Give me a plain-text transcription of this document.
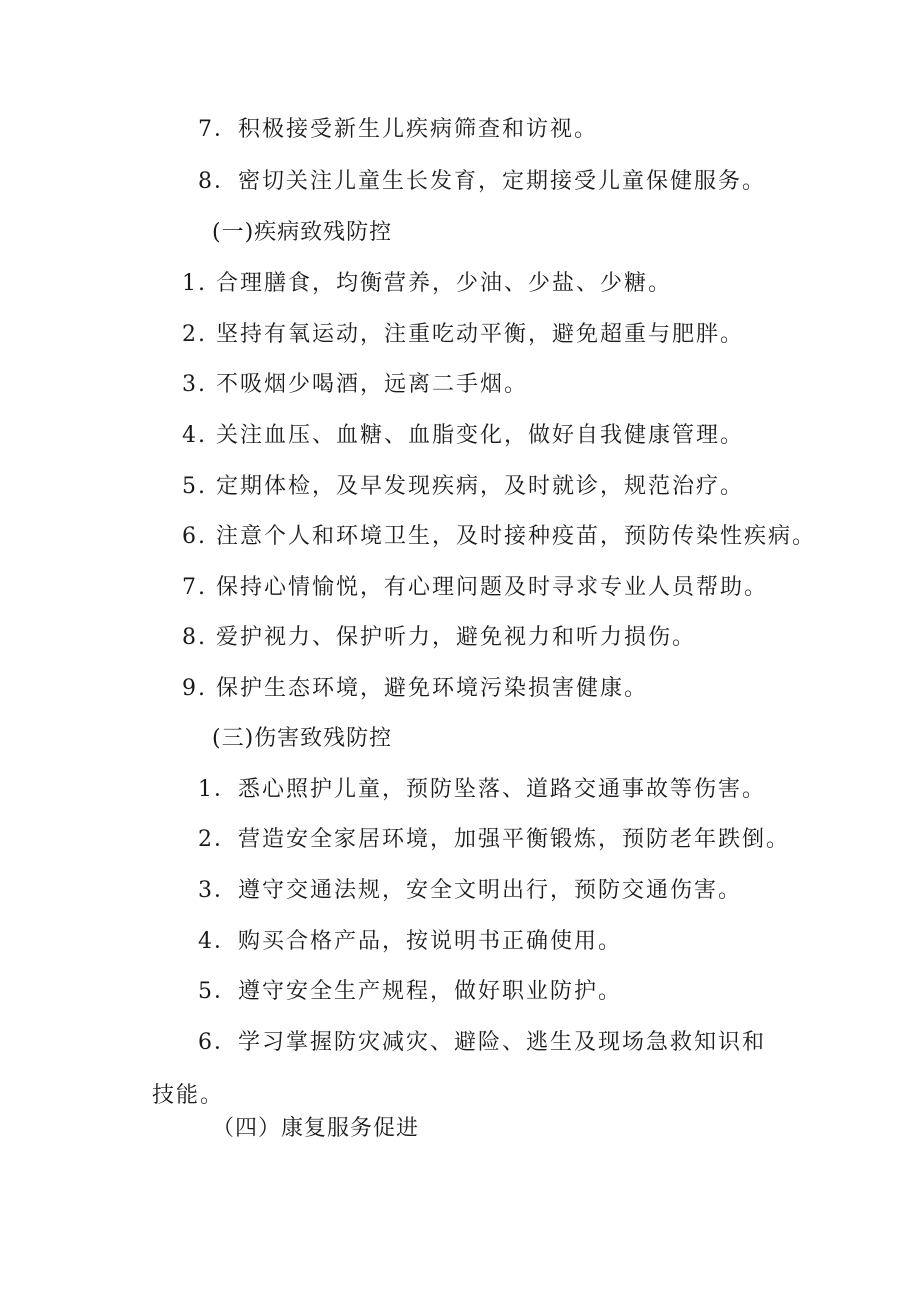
7．积极接受新生儿疾病筛查和访视。
8．密切关注儿童生长发育，定期接受儿童保健服务。
(一)疾病致残防控
1. 合理膳食，均衡营养，少油、少盐、少糖。
2. 坚持有氧运动，注重吃动平衡，避免超重与肥胖。
3. 不吸烟少喝酒，远离二手烟。
4. 关注血压、血糖、血脂变化，做好自我健康管理。
5. 定期体检，及早发现疾病，及时就诊，规范治疗。
6. 注意个人和环境卫生，及时接种疫苗，预防传染性疾病。
7. 保持心情愉悦，有心理问题及时寻求专业人员帮助。
8. 爱护视力、保护听力，避免视力和听力损伤。
9. 保护生态环境，避免环境污染损害健康。
(三)伤害致残防控
1．悉心照护儿童，预防坠落、道路交通事故等伤害。
2．营造安全家居环境，加强平衡锻炼，预防老年跌倒。
3．遵守交通法规，安全文明出行，预防交通伤害。
4．购买合格产品，按说明书正确使用。
5．遵守安全生产规程，做好职业防护。
6．学习掌握防灾减灾、避险、逃生及现场急救知识和
技能。
（四）康复服务促进
